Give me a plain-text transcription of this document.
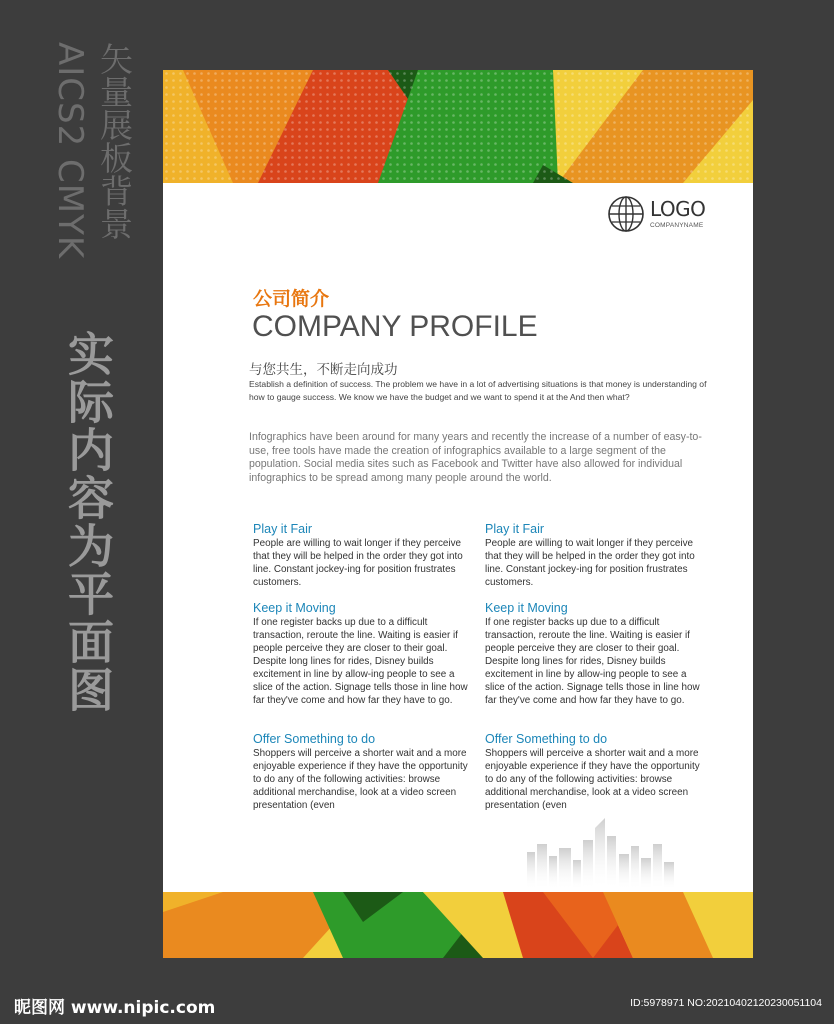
AICS2 CMYK 矢量展板背景
实际内容为平面图
LOGO
COMPANYNAME
公司简介
COMPANY PROFILE
与您共生，不断走向成功
Establish a definition of success. The problem we have in a lot of advertising situations is that money is understanding of how to gauge success. We know we have the budget and we want to spend it at the And then what?
Infographics have been around for many years and recently the increase of a number of easy-to-use, free tools have made the creation of infographics available to a large segment of the population. Social media sites such as Facebook and Twitter have also allowed for individual infographics to be spread among many people around the world.
Play it Fair
People are willing to wait longer if they perceive that they will be helped in the order they got into line. Constant jockey-ing for position frustrates customers.
Keep it Moving
If one register backs up due to a difficult transaction, reroute the line. Waiting is easier if people perceive they are closer to their goal. Despite long lines for rides, Disney builds excitement in line by allow-ing people to see a slice of the action. Signage tells those in line how far they've come and how far they have to go.
Offer Something to do
Shoppers will perceive a shorter wait and a more enjoyable experience if they have the opportunity to do any of the following activities: browse additional merchandise, look at a video screen presentation (even
Play it Fair
People are willing to wait longer if they perceive that they will be helped in the order they got into line. Constant jockey-ing for position frustrates customers.
Keep it Moving
If one register backs up due to a difficult transaction, reroute the line. Waiting is easier if people perceive they are closer to their goal. Despite long lines for rides, Disney builds excitement in line by allow-ing people to see a slice of the action. Signage tells those in line how far they've come and how far they have to go.
Offer Something to do
Shoppers will perceive a shorter wait and a more enjoyable experience if they have the opportunity to do any of the following activities: browse additional merchandise, look at a video screen presentation (even
昵图网 www.nipic.com	ID:5978971 NO:20210402120230051104
